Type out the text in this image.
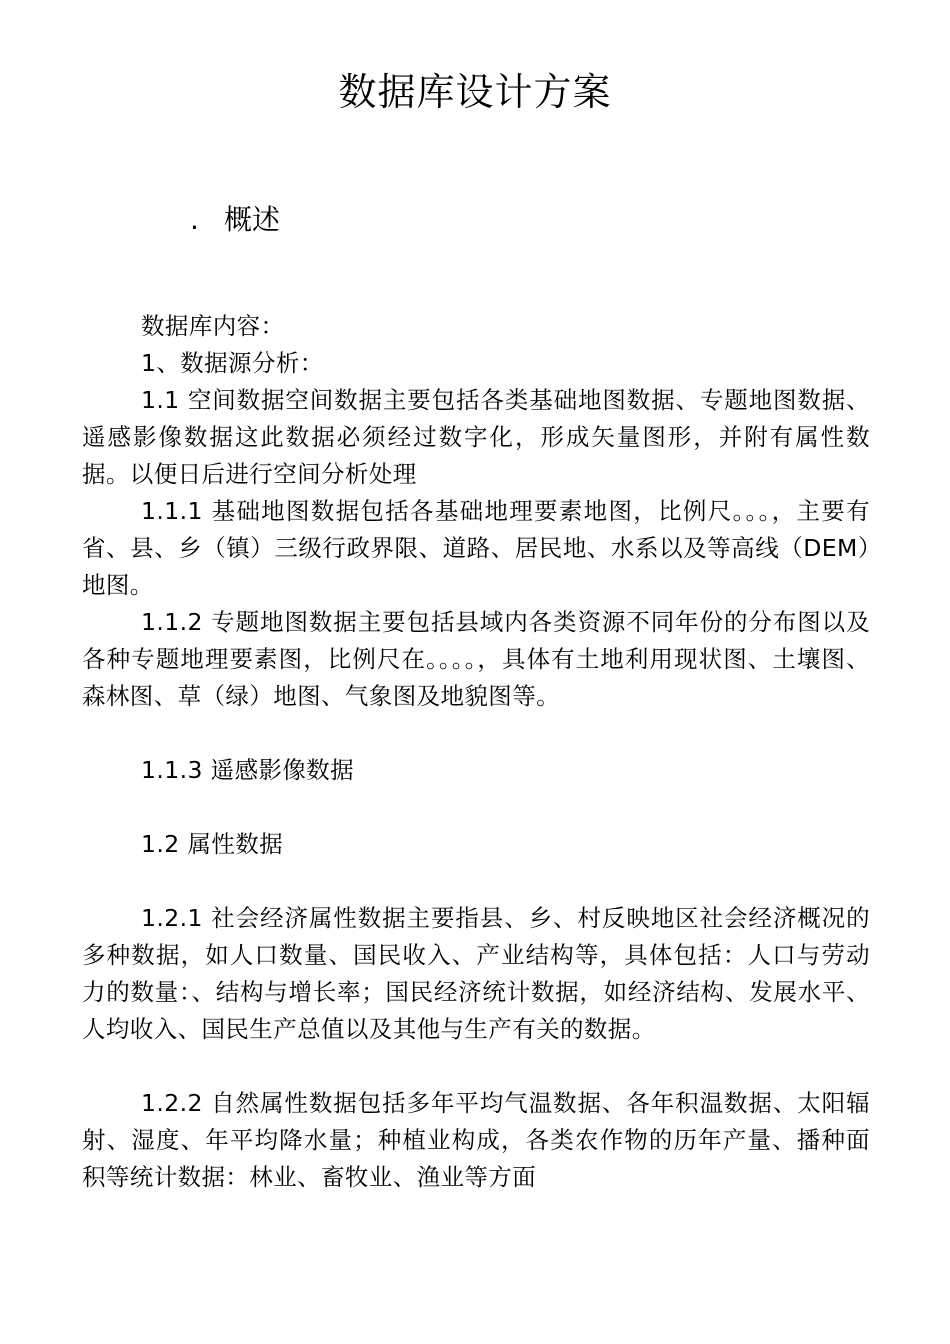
数据库设计方案
. 概述

数据库内容：

1、数据源分析：

1.1 空间数据空间数据主要包括各类基础地图数据、专题地图数据、遥感影像数据这此数据必须经过数字化，形成矢量图形，并附有属性数据。以便日后进行空间分析处理

1.1.1 基础地图数据包括各基础地理要素地图，比例尺。。。，主要有省、县、乡（镇）三级行政界限、道路、居民地、水系以及等高线（DEM）地图。

1.1.2 专题地图数据主要包括县域内各类资源不同年份的分布图以及各种专题地理要素图，比例尺在。。。。，具体有土地利用现状图、土壤图、森林图、草（绿）地图、气象图及地貌图等。

1.1.3 遥感影像数据

1.2 属性数据

1.2.1 社会经济属性数据主要指县、乡、村反映地区社会经济概况的多种数据，如人口数量、国民收入、产业结构等，具体包括：人口与劳动力的数量：、结构与增长率；国民经济统计数据，如经济结构、发展水平、人均收入、国民生产总值以及其他与生产有关的数据。

1.2.2 自然属性数据包括多年平均气温数据、各年积温数据、太阳辐射、湿度、年平均降水量；种植业构成，各类农作物的历年产量、播种面积等统计数据：林业、畜牧业、渔业等方面
